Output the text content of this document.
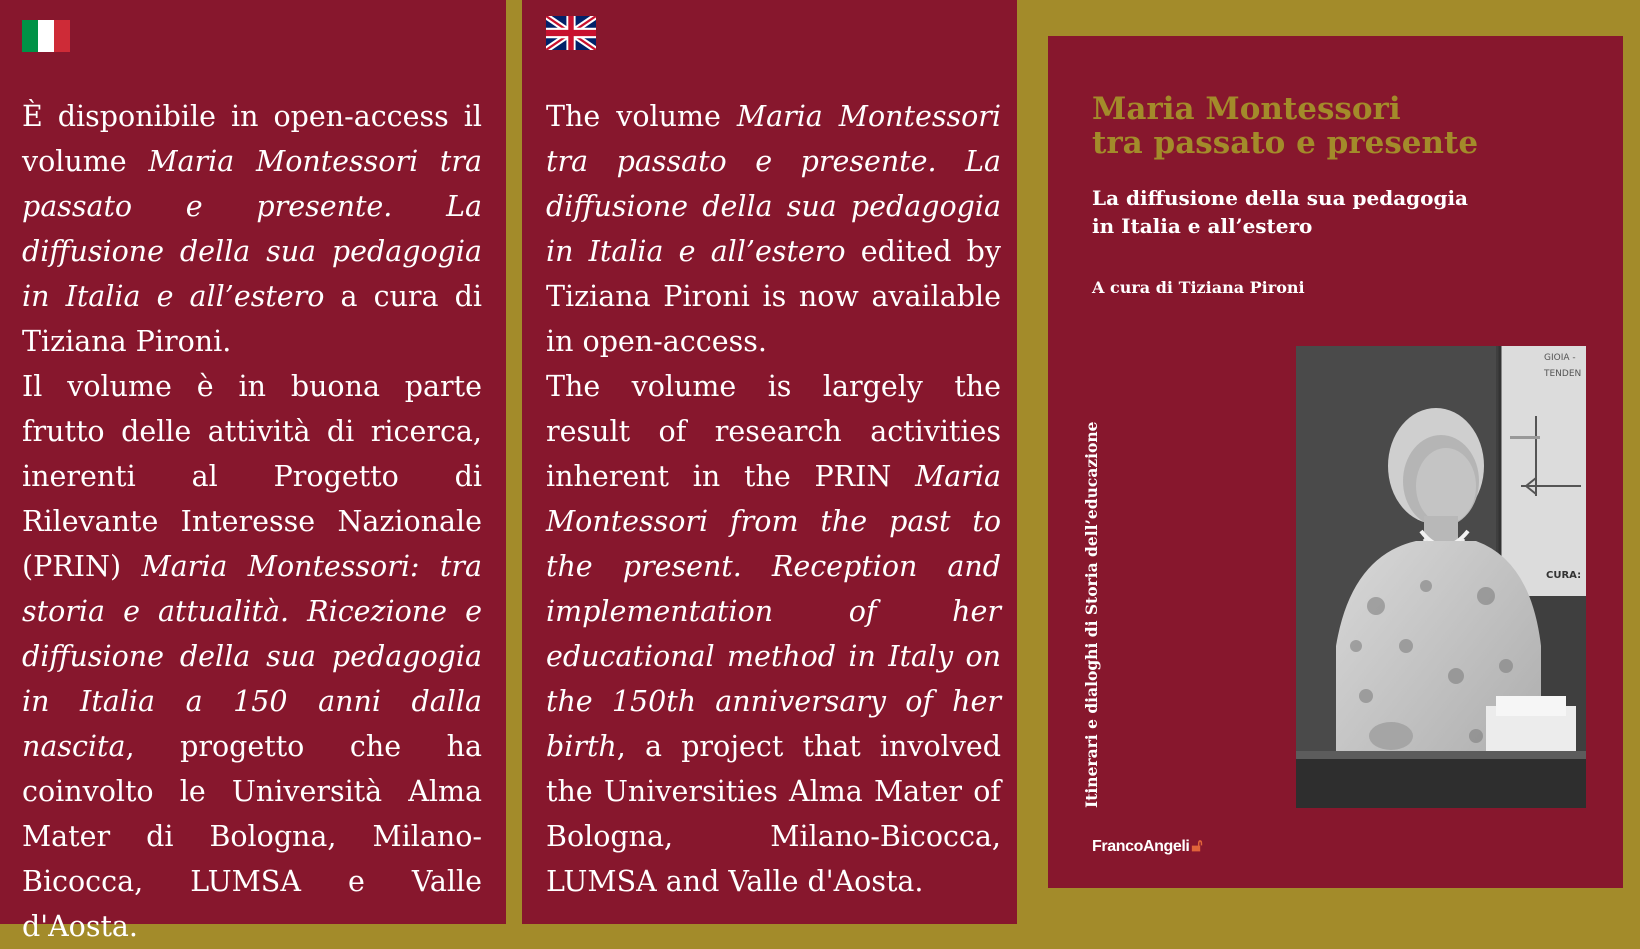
È disponibile in open-access il volume Maria Montessori tra passato e presente. La diffusione della sua pedagogia in Italia e all’estero a cura di Tiziana Pironi.

Il volume è in buona parte frutto delle attività di ricerca, inerenti al Progetto di Rilevante Interesse Nazionale (PRIN) Maria Montessori: tra storia e attualità. Ricezione e diffusione della sua pedagogia in Italia a 150 anni dalla nascita, progetto che ha coinvolto le Università Alma Mater di Bologna, Milano-Bicocca, LUMSA e Valle d'Aosta.

The volume Maria Montessori tra passato e presente. La diffusione della sua pedagogia in Italia e all’estero edited by Tiziana Pironi is now available in open-access.

The volume is largely the result of research activities inherent in the PRIN Maria Montessori from the past to the present. Reception and implementation of her educational method in Italy on the 150th anniversary of her birth, a project that involved the Universities Alma Mater of Bologna, Milano-Bicocca, LUMSA and Valle d'Aosta.

Maria Montessori
tra passato e presente
La diffusione della sua pedagogia
in Italia e all’estero
A cura di Tiziana Pironi
Itinerari e dialoghi di Storia dell’educazione
FrancoAngeli 🔓︎
GIOIA -
TENDEN
CURA:
